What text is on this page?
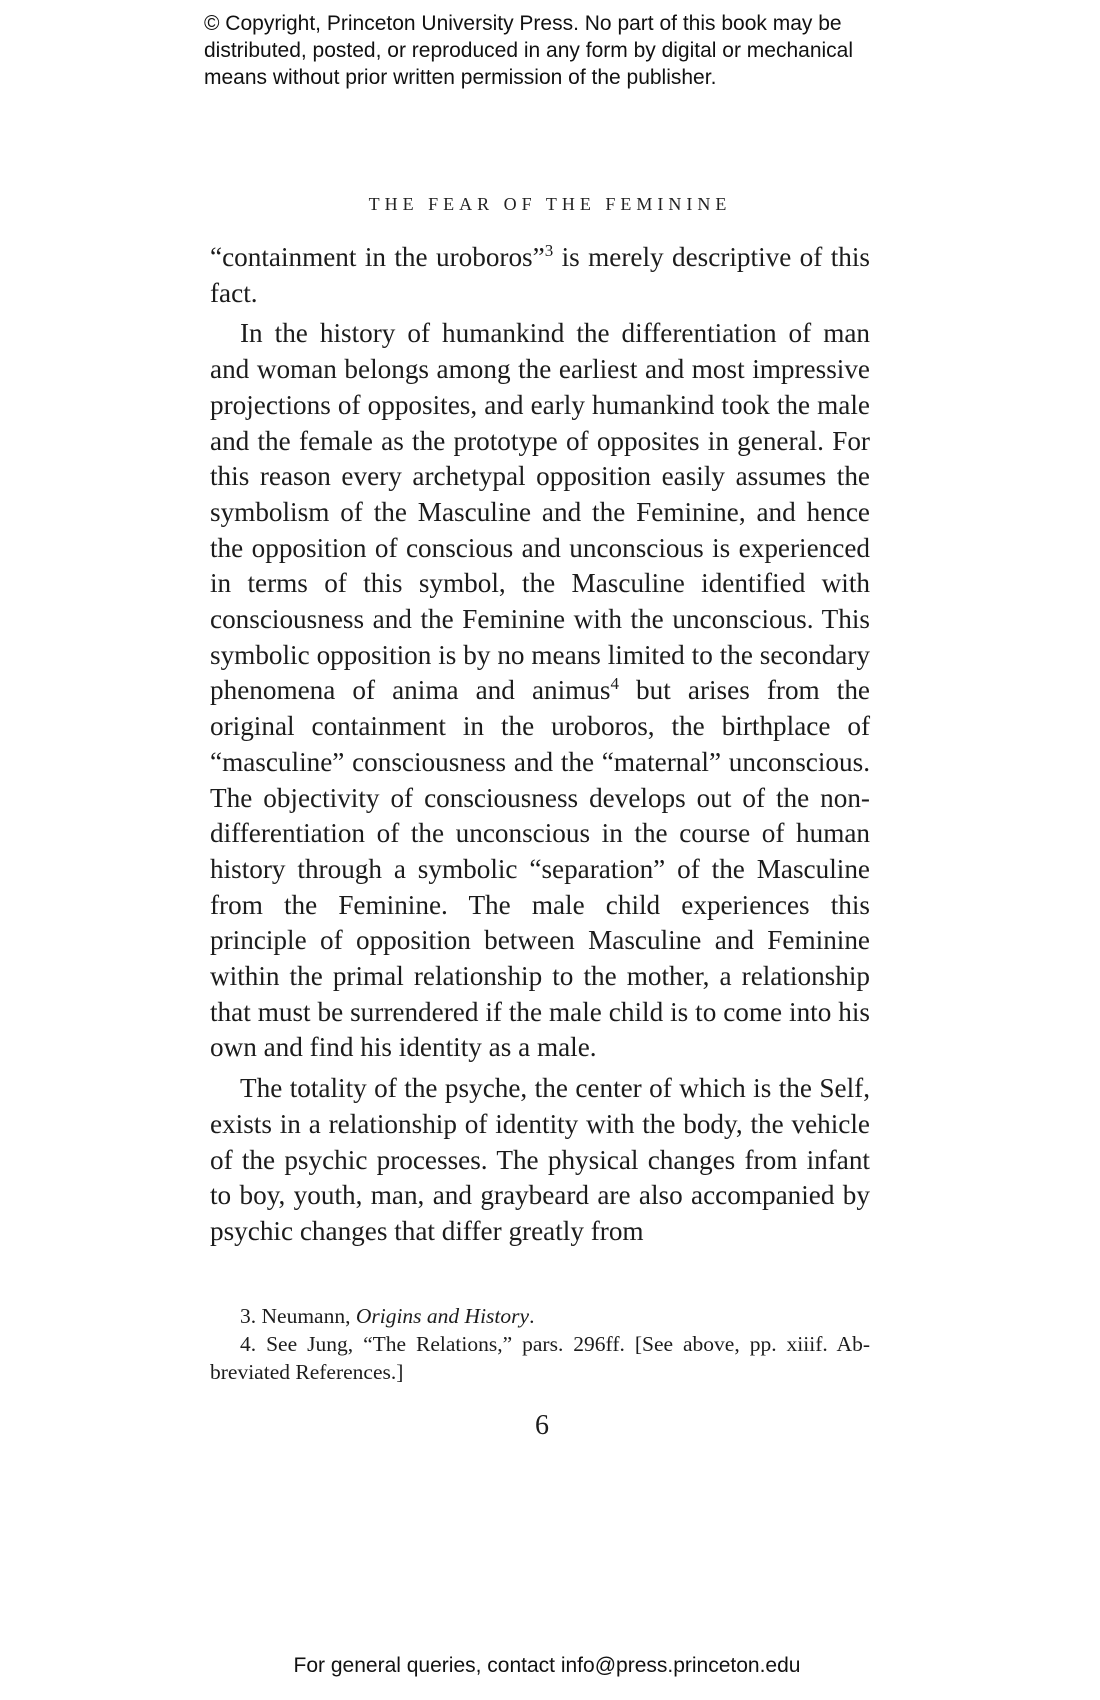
© Copyright, Princeton University Press. No part of this book may be
distributed, posted, or reproduced in any form by digital or mechanical
means without prior written permission of the publisher.
THE FEAR OF THE FEMININE

“containment in the uroboros”$^3$ is merely descriptive of this fact.

In the history of humankind the differentiation of man and woman belongs among the earliest and most impressive projections of opposites, and early humankind took the male and the female as the prototype of opposites in general. For this reason every archetypal opposition easily assumes the symbolism of the Masculine and the Feminine, and hence the opposition of conscious and unconscious is experienced in terms of this symbol, the Masculine identified with consciousness and the Feminine with the unconscious. This symbolic opposition is by no means limited to the secondary phenomena of anima and animus$^4$ but arises from the original containment in the uroboros, the birthplace of “masculine” consciousness and the “maternal” unconscious. The objectivity of consciousness develops out of the non-differentiation of the unconscious in the course of human history through a symbolic “separation” of the Masculine from the Feminine. The male child experiences this principle of opposition between Masculine and Feminine within the primal relationship to the mother, a relationship that must be surrendered if the male child is to come into his own and find his identity as a male.

The totality of the psyche, the center of which is the Self, exists in a relationship of identity with the body, the vehicle of the psychic processes. The physical changes from infant to boy, youth, man, and graybeard are also accompanied by psychic changes that differ greatly from

3. Neumann, Origins and History.

4. See Jung, “The Relations,” pars. 296ff. [See above, pp. xiiif. Abbreviated References.]

6
For general queries, contact info@press.princeton.edu
